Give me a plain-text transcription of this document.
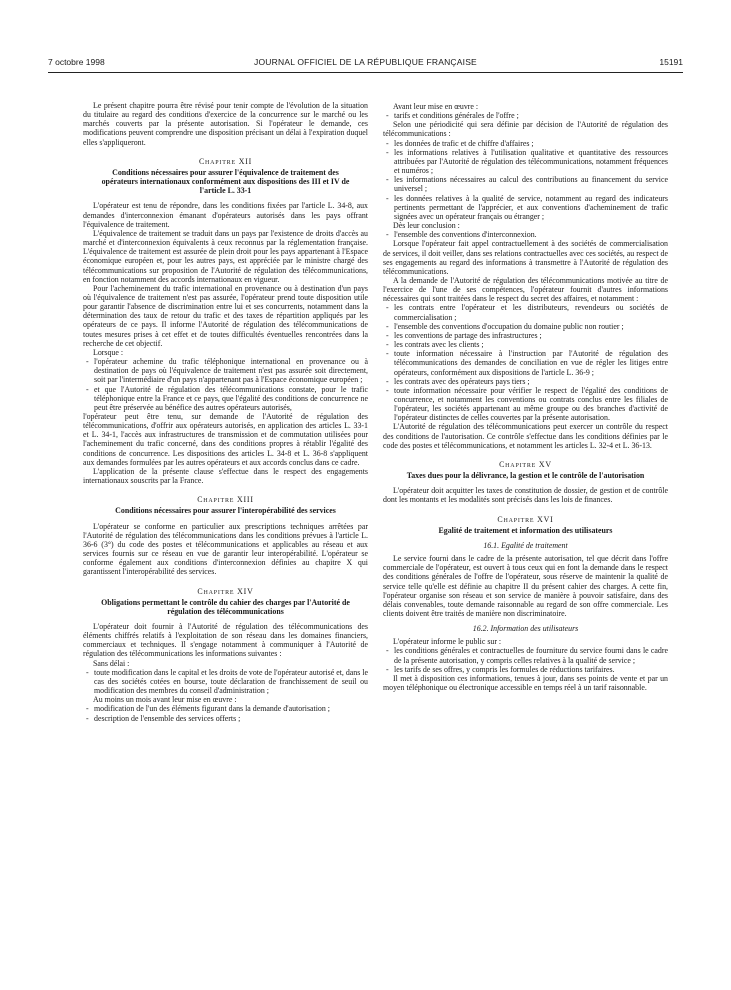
7 octobre 1998	JOURNAL OFFICIEL DE LA RÉPUBLIQUE FRANÇAISE	15191

Le présent chapitre pourra être révisé pour tenir compte de l'évolution de la situation du titulaire au regard des conditions d'exercice de la concurrence sur le marché ou les marchés couverts par la présente autorisation. Si l'opérateur le demande, ces modifications peuvent comprendre une disposition précisant un délai à l'expiration duquel elles s'appliqueront.

Chapitre XII

Conditions nécessaires pour assurer l'équivalence de traitement des opérateurs internationaux conformément aux dispositions des III et IV de l'article L. 33-1

L'opérateur est tenu de répondre, dans les conditions fixées par l'article L. 34-8, aux demandes d'interconnexion émanant d'opérateurs autorisés dans les pays offrant l'équivalence de traitement.

L'équivalence de traitement se traduit dans un pays par l'existence de droits d'accès au marché et d'interconnexion équivalents à ceux reconnus par la réglementation française. L'équivalence de traitement est assurée de plein droit pour les pays appartenant à l'Espace économique européen et, pour les autres pays, est appréciée par le ministre chargé des télécommunications sur proposition de l'Autorité de régulation des télécommunications, en fonction notamment des accords internationaux en vigueur.

Pour l'acheminement du trafic international en provenance ou à destination d'un pays où l'équivalence de traitement n'est pas assurée, l'opérateur prend toute disposition utile pour garantir l'absence de discrimination entre lui et ses concurrents, notamment dans la détermination des taux de retour du trafic et des taxes de répartition appliqués par les opérateurs de ce pays. Il informe l'Autorité de régulation des télécommunications de toutes mesures prises à cet effet et de toutes difficultés éventuelles rencontrées dans la recherche de cet objectif.

Lorsque :

- l'opérateur achemine du trafic téléphonique international en provenance ou à destination de pays où l'équivalence de traitement n'est pas assurée soit directement, soit par l'intermédiaire d'un pays n'appartenant pas à l'Espace économique européen ;

- et que l'Autorité de régulation des télécommunications constate, pour le trafic téléphonique entre la France et ce pays, que l'égalité des conditions de concurrence ne peut être préservée au bénéfice des autres opérateurs autorisés,

l'opérateur peut être tenu, sur demande de l'Autorité de régulation des télécommunications, d'offrir aux opérateurs autorisés, en application des articles L. 33-1 et L. 34-1, l'accès aux infrastructures de transmission et de commutation utilisées pour l'acheminement du trafic concerné, dans des conditions propres à rétablir l'égalité des conditions de concurrence. Les dispositions des articles L. 34-8 et L. 36-8 s'appliquent aux demandes formulées par les autres opérateurs et aux accords conclus dans ce cadre.

L'application de la présente clause s'effectue dans le respect des engagements internationaux souscrits par la France.

Chapitre XIII

Conditions nécessaires pour assurer l'interopérabilité des services

L'opérateur se conforme en particulier aux prescriptions techniques arrêtées par l'Autorité de régulation des télécommunications dans les conditions prévues à l'article L. 36-6 (3°) du code des postes et télécommunications et applicables au réseau et aux services fournis sur ce réseau en vue de garantir leur interopérabilité. L'opérateur se conforme également aux conditions d'interconnexion définies au chapitre X qui garantissent l'interopérabilité des services.

Chapitre XIV

Obligations permettant le contrôle du cahier des charges par l'Autorité de régulation des télécommunications

L'opérateur doit fournir à l'Autorité de régulation des télécommunications des éléments chiffrés relatifs à l'exploitation de son réseau dans les domaines financiers, commerciaux et techniques. Il s'engage notamment à communiquer à l'Autorité de régulation des télécommunications les informations suivantes :

Sans délai :

- toute modification dans le capital et les droits de vote de l'opérateur autorisé et, dans le cas des sociétés cotées en bourse, toute déclaration de franchissement de seuil ou modification des membres du conseil d'administration ;

Au moins un mois avant leur mise en œuvre :

- modification de l'un des éléments figurant dans la demande d'autorisation ;

- description de l'ensemble des services offerts ;

Avant leur mise en œuvre :

- tarifs et conditions générales de l'offre ;

Selon une périodicité qui sera définie par décision de l'Autorité de régulation des télécommunications :

- les données de trafic et de chiffre d'affaires ;

- les informations relatives à l'utilisation qualitative et quantitative des ressources attribuées par l'Autorité de régulation des télécommunications, notamment fréquences et numéros ;

- les informations nécessaires au calcul des contributions au financement du service universel ;

- les données relatives à la qualité de service, notamment au regard des indicateurs pertinents permettant de l'apprécier, et aux conventions d'acheminement de trafic signées avec un opérateur français ou étranger ;

Dès leur conclusion :

- l'ensemble des conventions d'interconnexion.

Lorsque l'opérateur fait appel contractuellement à des sociétés de commercialisation de services, il doit veiller, dans ses relations contractuelles avec ces sociétés, au respect de ses engagements au regard des informations à transmettre à l'Autorité de régulation des télécommunications.

A la demande de l'Autorité de régulation des télécommunications motivée au titre de l'exercice de l'une de ses compétences, l'opérateur fournit d'autres informations nécessaires qui sont traitées dans le respect du secret des affaires, et notamment :

- les contrats entre l'opérateur et les distributeurs, revendeurs ou sociétés de commercialisation ;

- l'ensemble des conventions d'occupation du domaine public non routier ;

- les conventions de partage des infrastructures ;

- les contrats avec les clients ;

- toute information nécessaire à l'instruction par l'Autorité de régulation des télécommunications des demandes de conciliation en vue de régler les litiges entre opérateurs, conformément aux dispositions de l'article L. 36-9 ;

- les contrats avec des opérateurs pays tiers ;

- toute information nécessaire pour vérifier le respect de l'égalité des conditions de concurrence, et notamment les conventions ou contrats conclus entre les filiales de l'opérateur, les sociétés appartenant au même groupe ou des branches d'activité de l'opérateur distinctes de celles couvertes par la présente autorisation.

L'Autorité de régulation des télécommunications peut exercer un contrôle du respect des conditions de l'autorisation. Ce contrôle s'effectue dans les conditions définies par le code des postes et télécommunications, et notamment les articles L. 32-4 et L. 36-13.

Chapitre XV

Taxes dues pour la délivrance, la gestion et le contrôle de l'autorisation

L'opérateur doit acquitter les taxes de constitution de dossier, de gestion et de contrôle dont les montants et les modalités sont précisés dans les lois de finances.

Chapitre XVI

Egalité de traitement et information des utilisateurs

16.1. Egalité de traitement

Le service fourni dans le cadre de la présente autorisation, tel que décrit dans l'offre commerciale de l'opérateur, est ouvert à tous ceux qui en font la demande dans le respect des conditions générales de l'offre de l'opérateur, sous réserve de maintenir la qualité de service telle qu'elle est définie au chapitre II du présent cahier des charges. A cette fin, l'opérateur organise son réseau et son service de manière à pouvoir satisfaire, dans des délais convenables, toute demande raisonnable au regard de son offre commerciale. Les clients doivent être traités de manière non discriminatoire.

16.2. Information des utilisateurs

L'opérateur informe le public sur :

- les conditions générales et contractuelles de fourniture du service fourni dans le cadre de la présente autorisation, y compris celles relatives à la qualité de service ;

- les tarifs de ses offres, y compris les formules de réductions tarifaires.

Il met à disposition ces informations, tenues à jour, dans ses points de vente et par un moyen téléphonique ou électronique accessible en temps réel à un tarif raisonnable.
